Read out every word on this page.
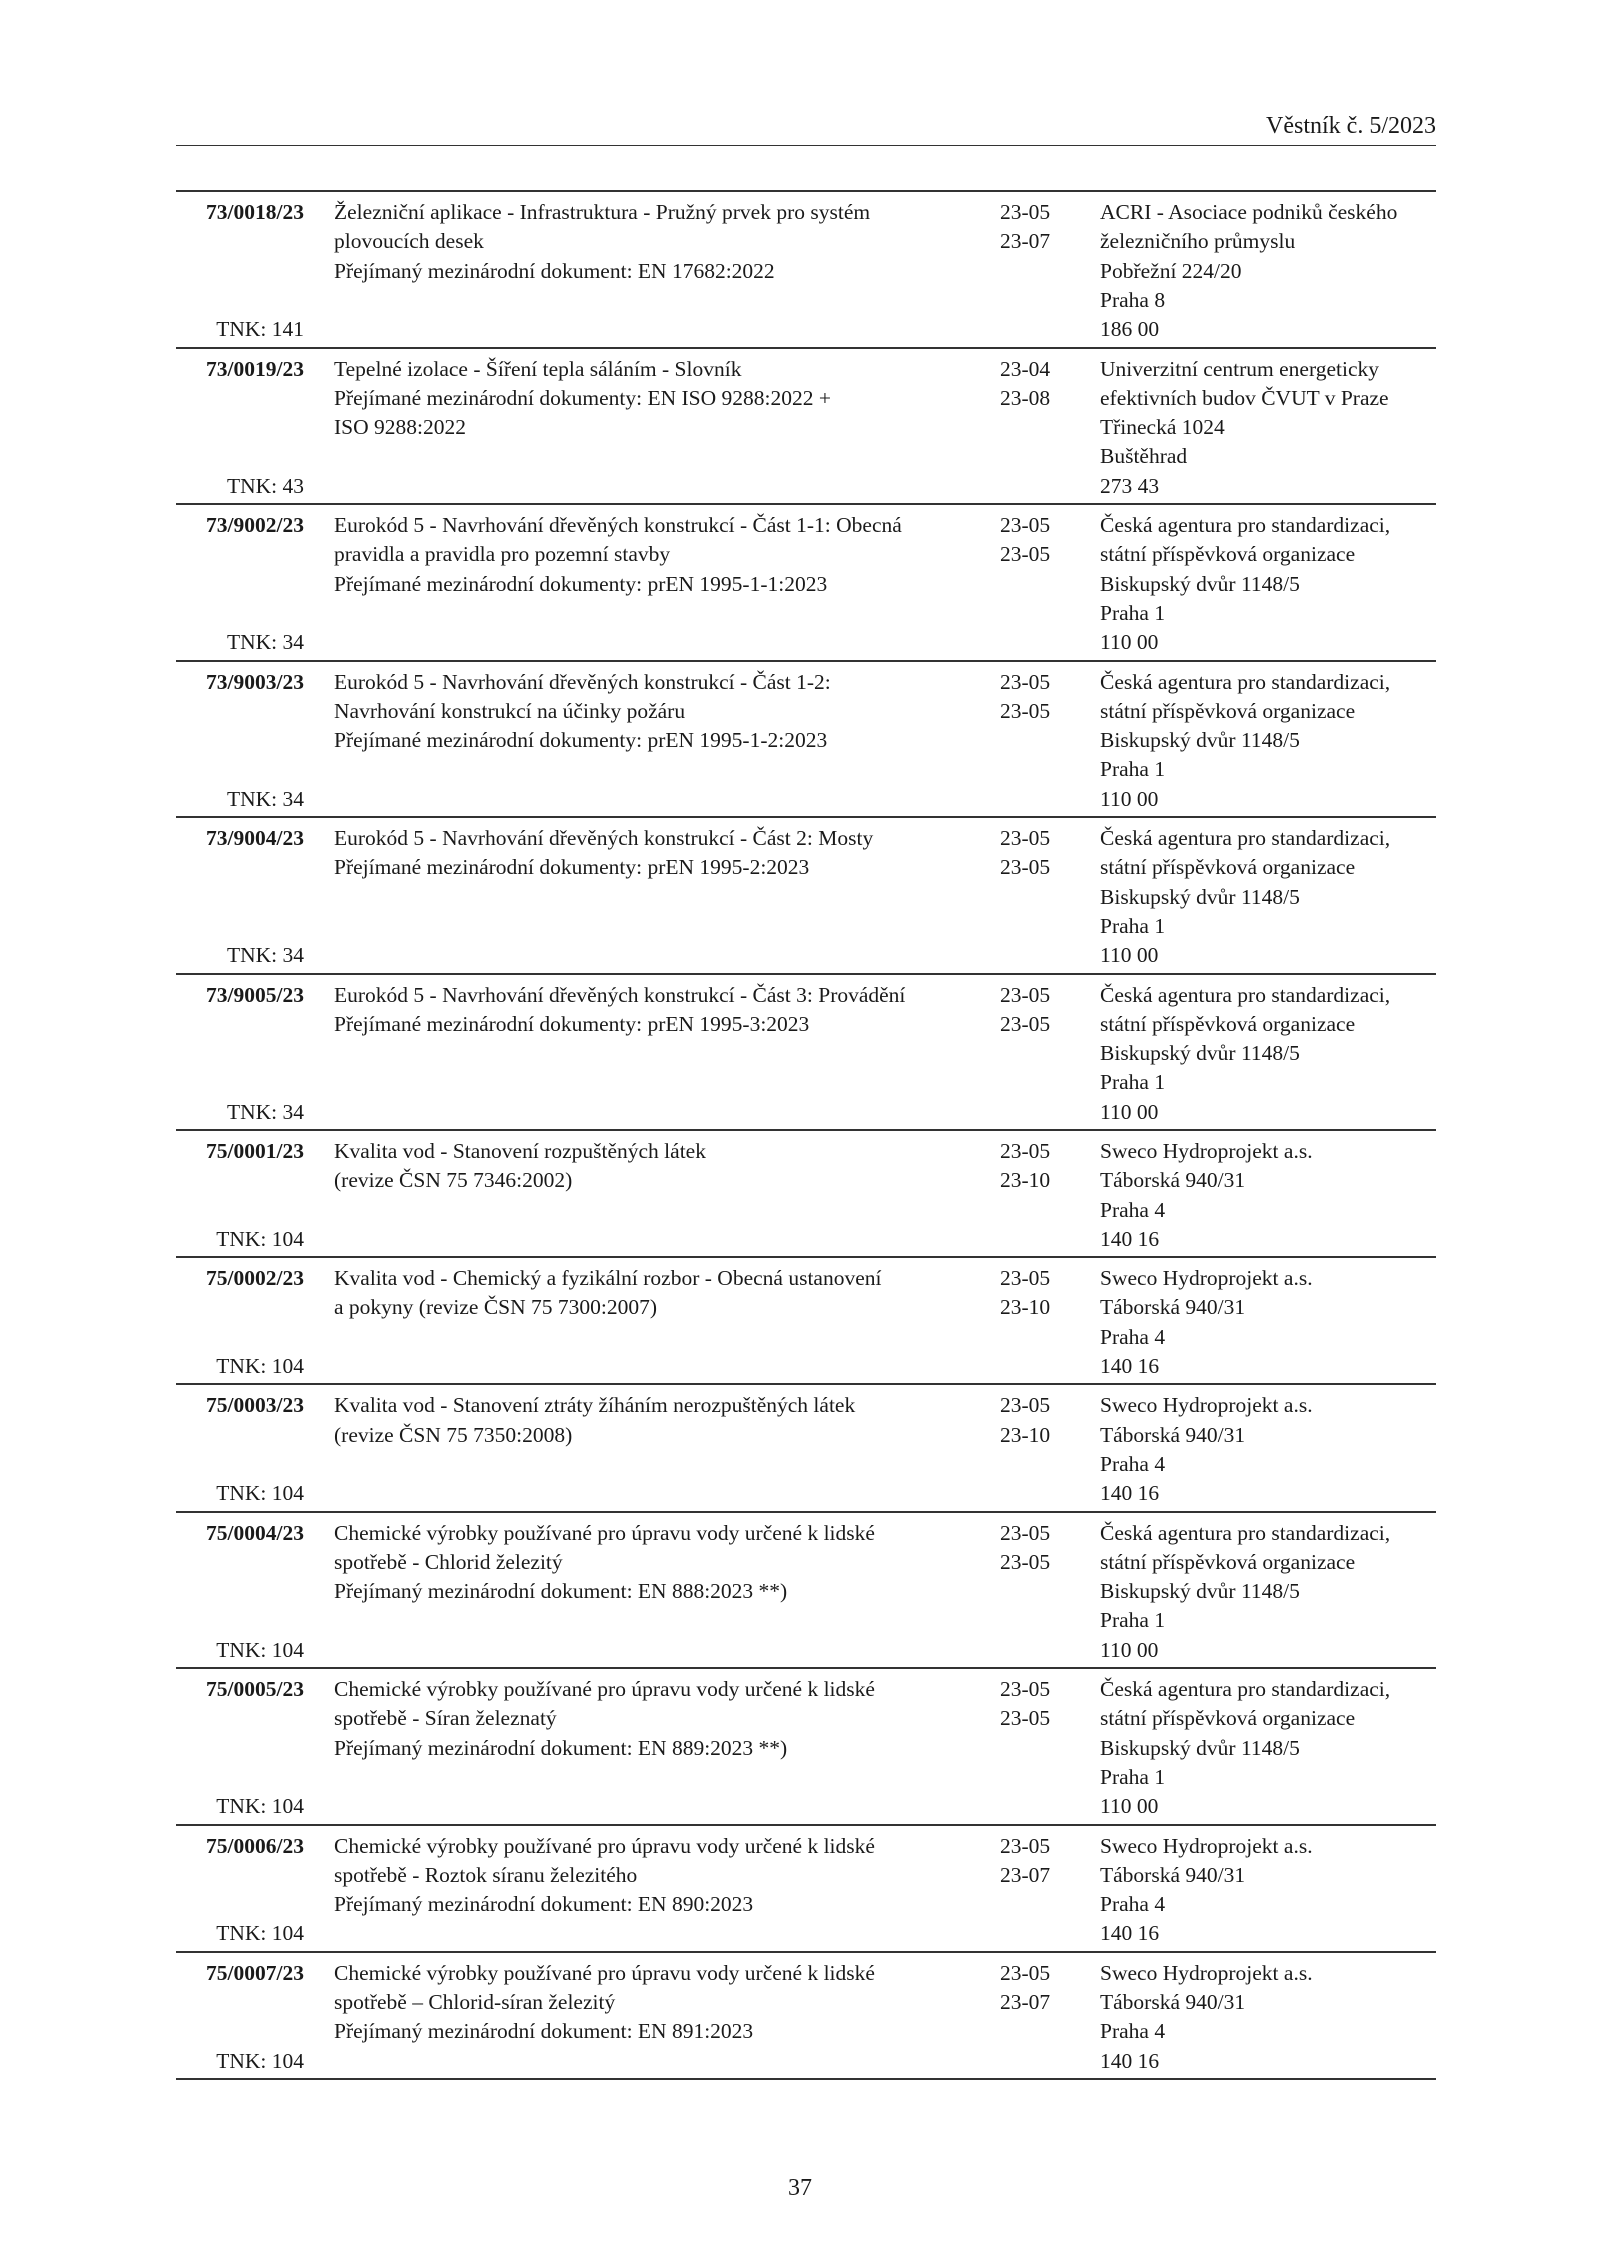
Věstník č. 5/2023
73/0018/23
TNK: 141
Železniční aplikace - Infrastruktura - Pružný prvek pro systém
plovoucích desek
Přejímaný mezinárodní dokument: EN 17682:2022
23-05
23-07
ACRI - Asociace podniků českého
železničního průmyslu
Pobřežní 224/20
Praha 8
186 00
73/0019/23
TNK: 43
Tepelné izolace - Šíření tepla sáláním - Slovník
Přejímané mezinárodní dokumenty: EN ISO 9288:2022 +
ISO 9288:2022
23-04
23-08
Univerzitní centrum energeticky
efektivních budov ČVUT v Praze
Třinecká 1024
Buštěhrad
273 43
73/9002/23
TNK: 34
Eurokód 5 - Navrhování dřevěných konstrukcí - Část 1-1: Obecná
pravidla a pravidla pro pozemní stavby
Přejímané mezinárodní dokumenty: prEN 1995-1-1:2023
23-05
23-05
Česká agentura pro standardizaci,
státní příspěvková organizace
Biskupský dvůr 1148/5
Praha 1
110 00
73/9003/23
TNK: 34
Eurokód 5 - Navrhování dřevěných konstrukcí - Část 1-2:
Navrhování konstrukcí na účinky požáru
Přejímané mezinárodní dokumenty: prEN 1995-1-2:2023
23-05
23-05
Česká agentura pro standardizaci,
státní příspěvková organizace
Biskupský dvůr 1148/5
Praha 1
110 00
73/9004/23
TNK: 34
Eurokód 5 - Navrhování dřevěných konstrukcí - Část 2: Mosty
Přejímané mezinárodní dokumenty: prEN 1995-2:2023
23-05
23-05
Česká agentura pro standardizaci,
státní příspěvková organizace
Biskupský dvůr 1148/5
Praha 1
110 00
73/9005/23
TNK: 34
Eurokód 5 - Navrhování dřevěných konstrukcí - Část 3: Provádění
Přejímané mezinárodní dokumenty: prEN 1995-3:2023
23-05
23-05
Česká agentura pro standardizaci,
státní příspěvková organizace
Biskupský dvůr 1148/5
Praha 1
110 00
75/0001/23
TNK: 104
Kvalita vod - Stanovení rozpuštěných látek
(revize ČSN 75 7346:2002)
23-05
23-10
Sweco Hydroprojekt a.s.
Táborská 940/31
Praha 4
140 16
75/0002/23
TNK: 104
Kvalita vod - Chemický a fyzikální rozbor - Obecná ustanovení
a pokyny (revize ČSN 75 7300:2007)
23-05
23-10
Sweco Hydroprojekt a.s.
Táborská 940/31
Praha 4
140 16
75/0003/23
TNK: 104
Kvalita vod - Stanovení ztráty žíháním nerozpuštěných látek
(revize ČSN 75 7350:2008)
23-05
23-10
Sweco Hydroprojekt a.s.
Táborská 940/31
Praha 4
140 16
75/0004/23
TNK: 104
Chemické výrobky používané pro úpravu vody určené k lidské
spotřebě - Chlorid železitý
Přejímaný mezinárodní dokument: EN 888:2023 **)
23-05
23-05
Česká agentura pro standardizaci,
státní příspěvková organizace
Biskupský dvůr 1148/5
Praha 1
110 00
75/0005/23
TNK: 104
Chemické výrobky používané pro úpravu vody určené k lidské
spotřebě - Síran železnatý
Přejímaný mezinárodní dokument: EN 889:2023 **)
23-05
23-05
Česká agentura pro standardizaci,
státní příspěvková organizace
Biskupský dvůr 1148/5
Praha 1
110 00
75/0006/23
TNK: 104
Chemické výrobky používané pro úpravu vody určené k lidské
spotřebě - Roztok síranu železitého
Přejímaný mezinárodní dokument: EN 890:2023
23-05
23-07
Sweco Hydroprojekt a.s.
Táborská 940/31
Praha 4
140 16
75/0007/23
TNK: 104
Chemické výrobky používané pro úpravu vody určené k lidské
spotřebě – Chlorid-síran železitý
Přejímaný mezinárodní dokument: EN 891:2023
23-05
23-07
Sweco Hydroprojekt a.s.
Táborská 940/31
Praha 4
140 16
37
